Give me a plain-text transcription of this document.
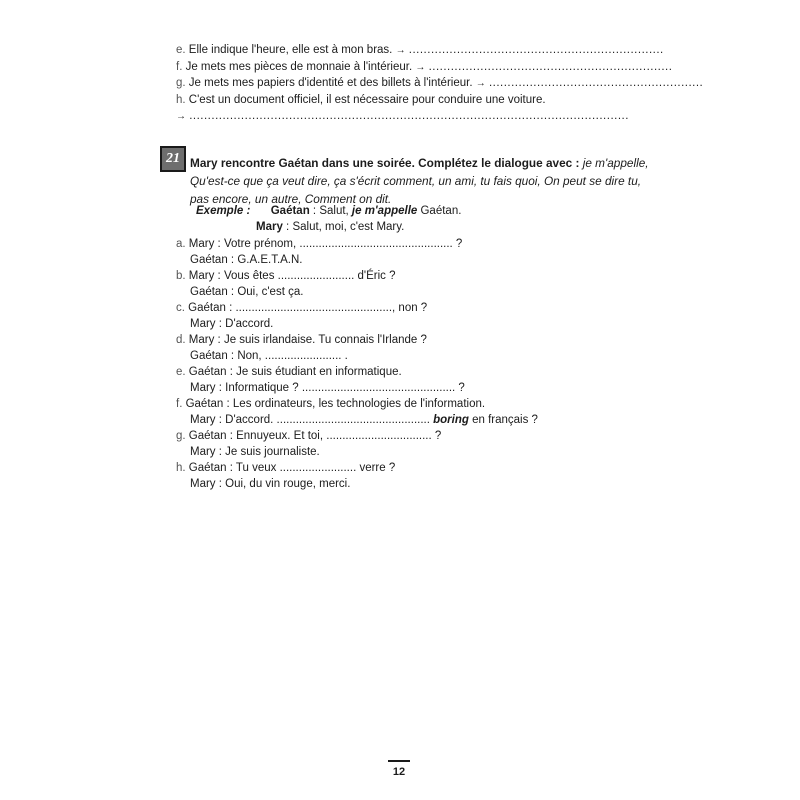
e. Elle indique l'heure, elle est à mon bras. → .....................................................................
f. Je mets mes pièces de monnaie à l'intérieur. → ..................................................................
g. Je mets mes papiers d'identité et des billets à l'intérieur. → ..........................................................
h. C'est un document officiel, il est nécessaire pour conduire une voiture.
→ .......................................................................................................................
21 Mary rencontre Gaétan dans une soirée. Complétez le dialogue avec : je m'appelle, Qu'est-ce que ça veut dire, ça s'écrit comment, un ami, tu fais quoi, On peut se dire tu, pas encore, un autre, Comment on dit.
Exemple : Gaétan : Salut, je m'appelle Gaétan.
Mary : Salut, moi, c'est Mary.
a. Mary : Votre prénom, ................................................ ?
Gaétan : G.A.E.T.A.N.
b. Mary : Vous êtes ........................ d'Éric ?
Gaétan : Oui, c'est ça.
c. Gaétan : ................................................., non ?
Mary : D'accord.
d. Mary : Je suis irlandaise. Tu connais l'Irlande ?
Gaétan : Non, ........................ .
e. Gaétan : Je suis étudiant en informatique.
Mary : Informatique ? ................................................ ?
f. Gaétan : Les ordinateurs, les technologies de l'information.
Mary : D'accord. ................................................ boring en français ?
g. Gaétan : Ennuyeux. Et toi, ................................. ?
Mary : Je suis journaliste.
h. Gaétan : Tu veux ........................ verre ?
Mary : Oui, du vin rouge, merci.
12
